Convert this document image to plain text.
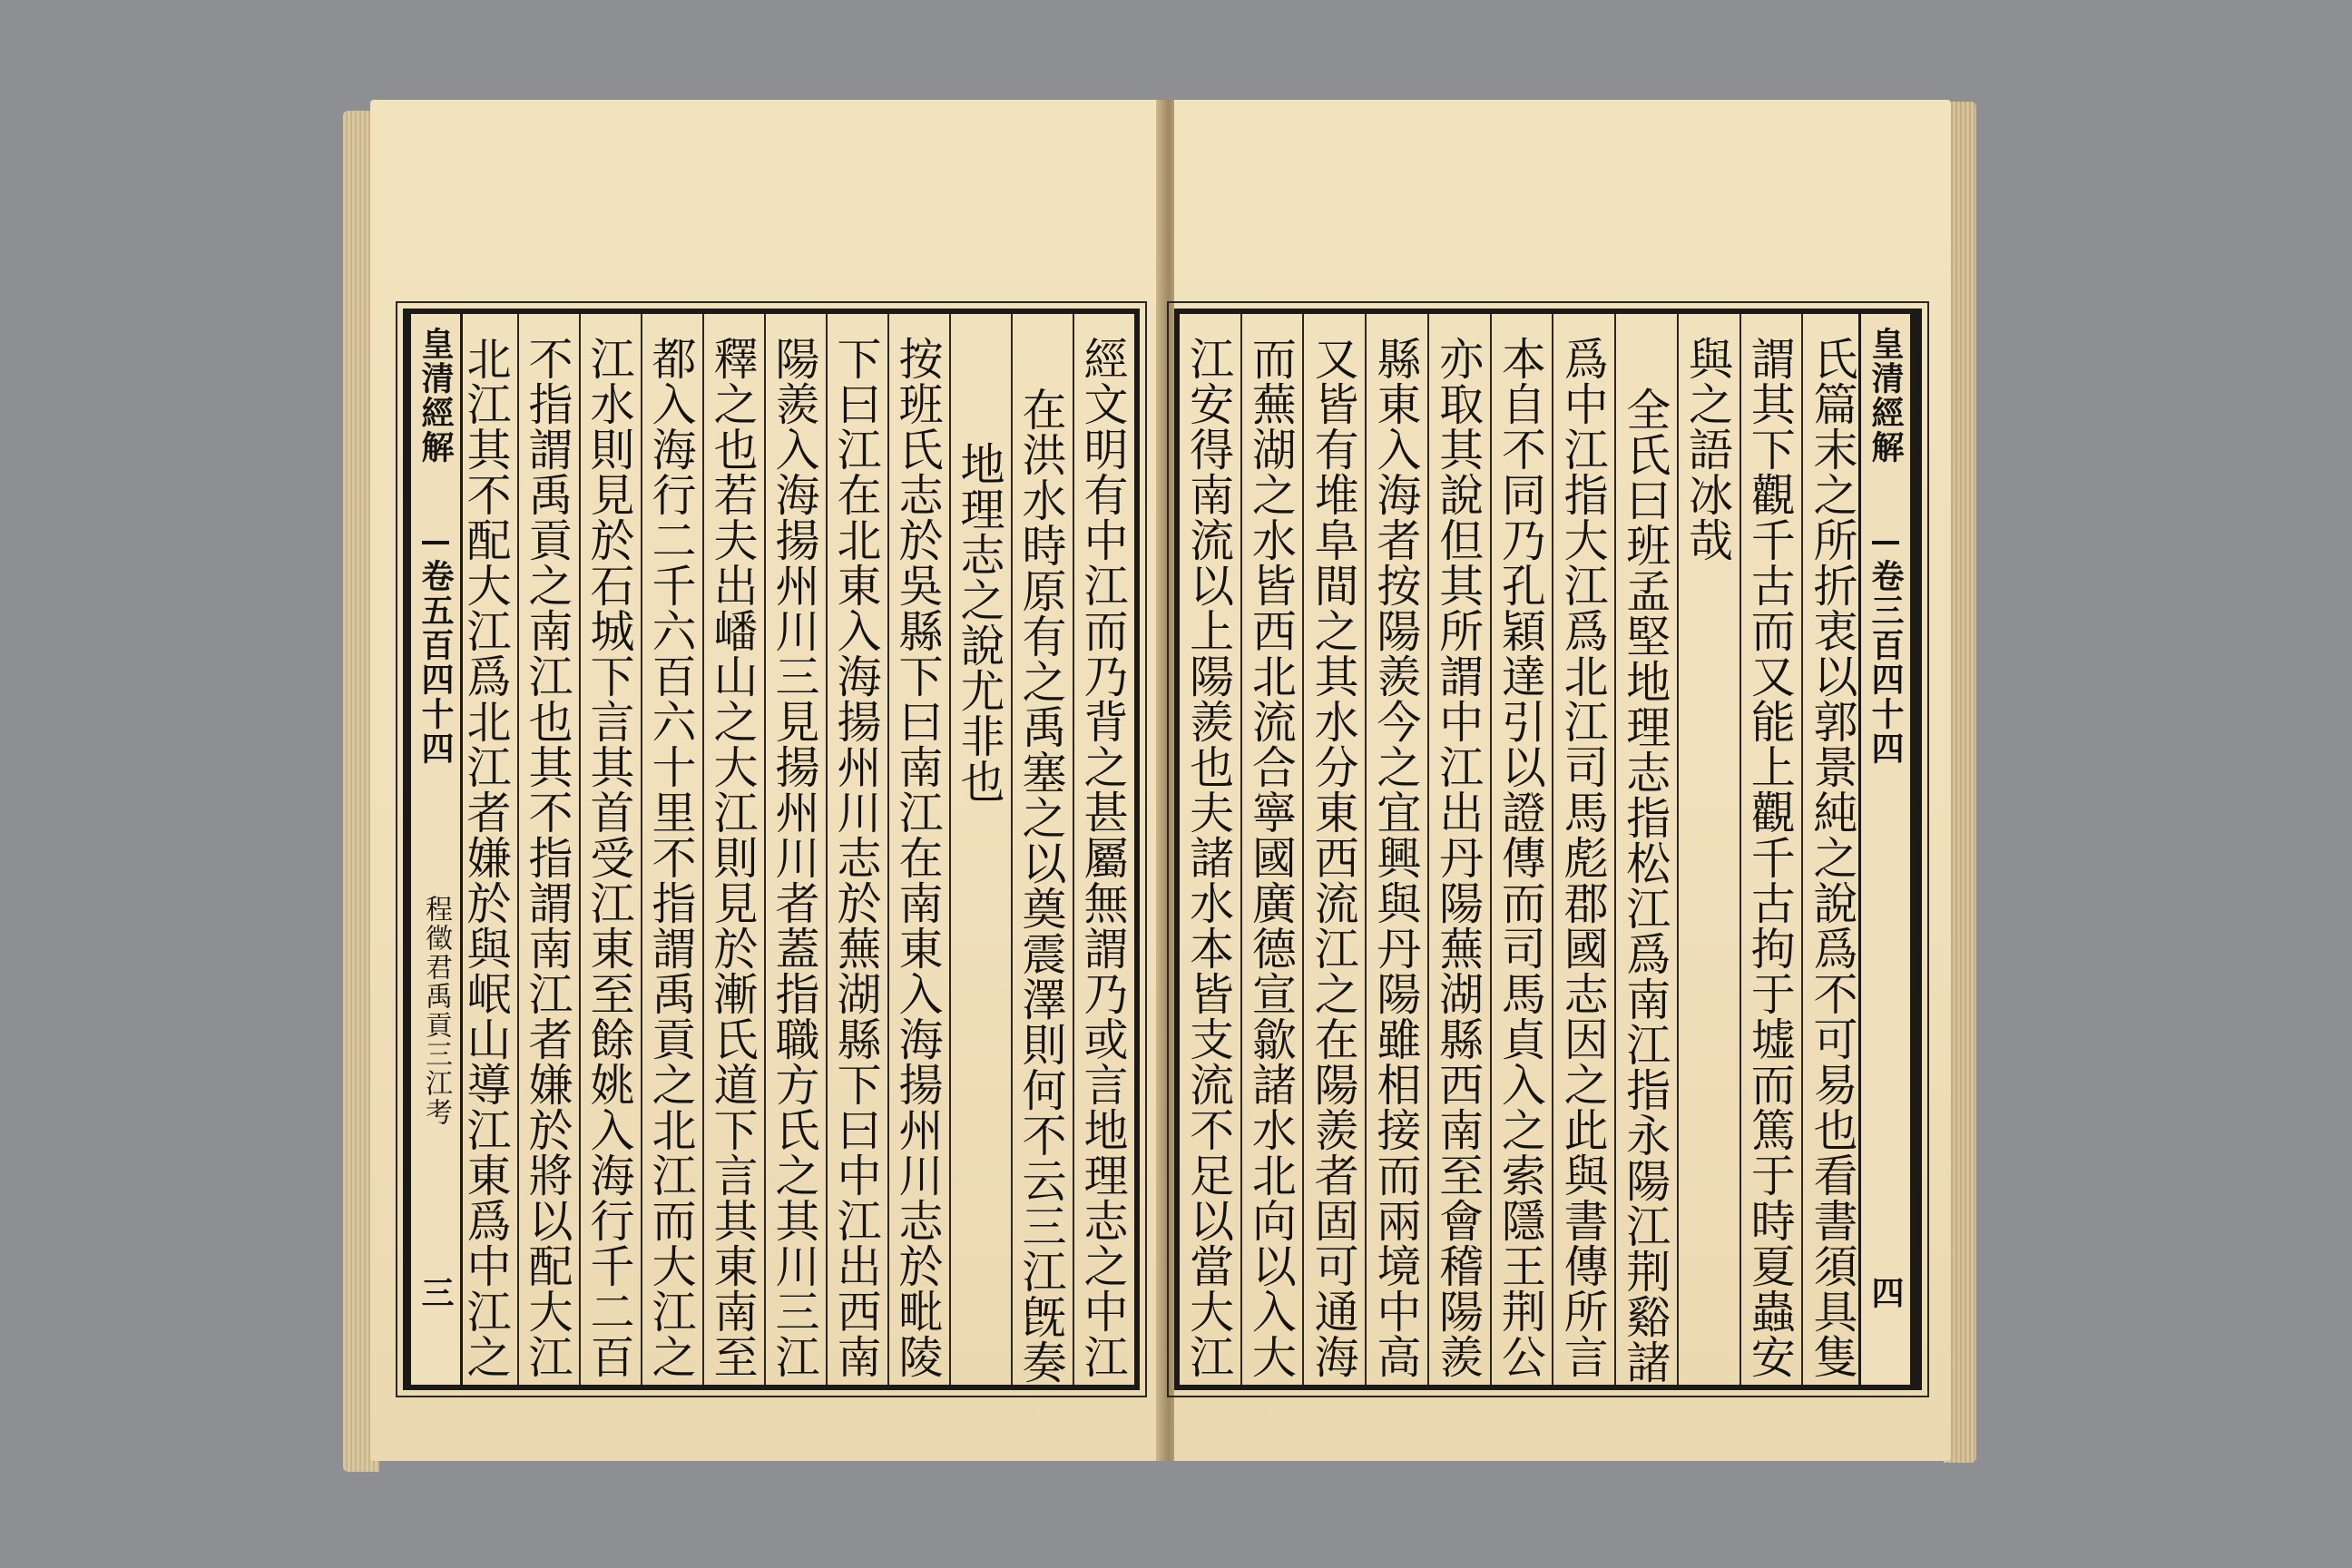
皇清經解
卷五百四十四
程徵君禹貢三江考
三	經文明有中江而乃背之甚屬無謂乃或言地理志之中江
在洪水時原有之禹塞之以奠震澤則何不云三江旣奏
地理志之說尤非也
按班氏志於吳縣下曰南江在南東入海揚州川志於毗陵
下曰江在北東入海揚州川志於蕪湖縣下曰中江出西南
陽羨入海揚州川三見揚州川者蓋指職方氏之其川三江
釋之也若夫出嶓山之大江則見於漸氏道下言其東南至
都入海行二千六百六十里不指謂禹貢之北江而大江之
江水則見於石城下言其首受江東至餘姚入海行千二百
不指謂禹貢之南江也其不指謂南江者嫌於將以配大江
北江其不配大江爲北江者嫌於與岷山導江東爲中江之
氏篇末之所折衷以郭景純之說爲不可易也看書須具隻
謂其下觀千古而又能上觀千古拘于墟而篤于時夏蟲安
與之語冰哉
全氏曰班孟堅地理志指松江爲南江指永陽江荆谿諸
爲中江指大江爲北江司馬彪郡國志因之此與書傳所言
本自不同乃孔穎達引以證傳而司馬貞入之索隱王荆公
亦取其說但其所謂中江出丹陽蕪湖縣西南至會稽陽羨
縣東入海者按陽羨今之宜興與丹陽雖相接而兩境中高
又皆有堆阜間之其水分東西流江之在陽羨者固可通海
而蕪湖之水皆西北流合寧國廣德宣歙諸水北向以入大
江安得南流以上陽羨也夫諸水本皆支流不足以當大江	皇清經解
卷三百四十四
四
